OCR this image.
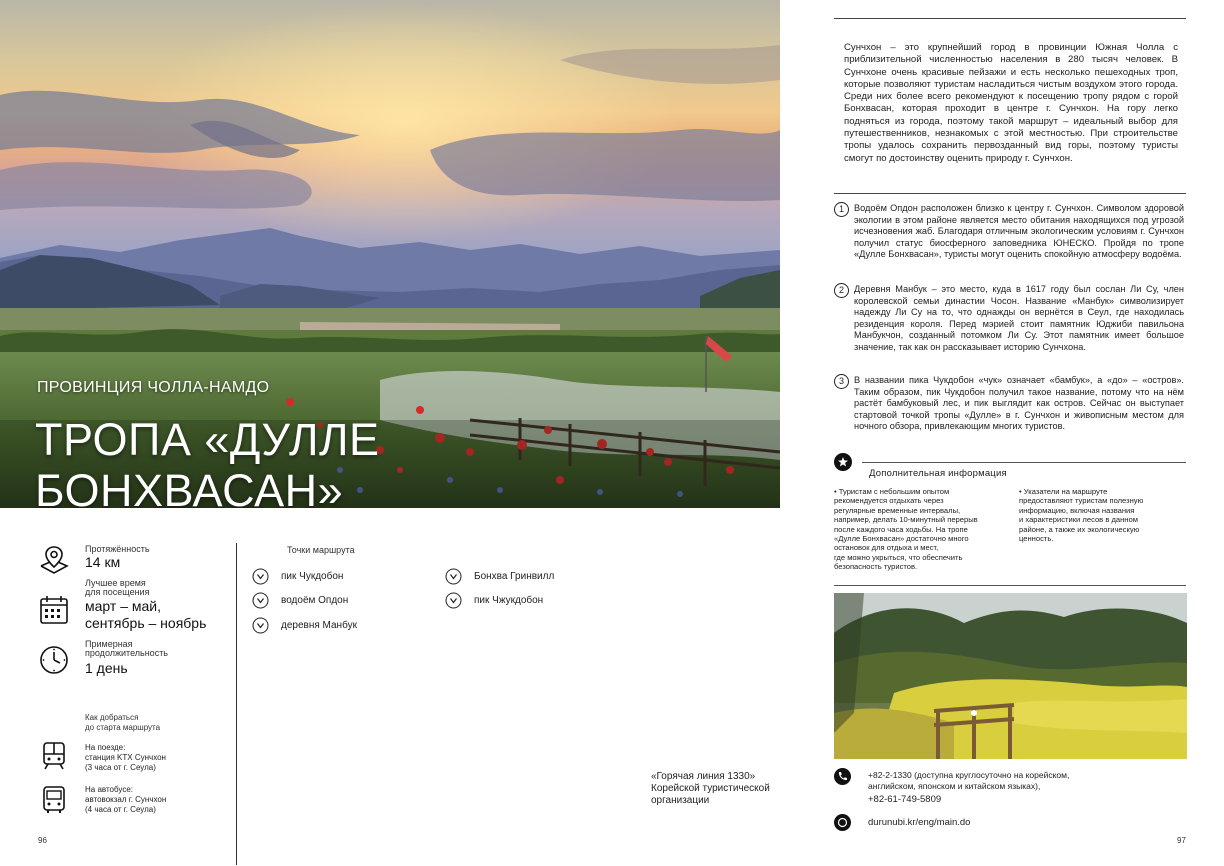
ПРОВИНЦИЯ ЧОЛЛА-НАМДО
ТРОПА «ДУЛЛЕ
БОНХВАСАН»
Протяжённость
14 км
Лучшее время
для посещения
март – май,
сентябрь – ноябрь
Примерная
продолжительность
1 день
Точки маршрута
пик Чукдобон
водоём Опдон
деревня Манбук
Бонхва Гринвилл
пик Чжукдобон
Как добраться
до старта маршрута
На поезде:
станция KTX Сунчхон
(3 часа от г. Сеула)
На автобусе:
автовокзал г. Сунчхон
(4 часа от г. Сеула)
«Горячая линия 1330»
Корейской туристической
организации
96
Сунчхон – это крупнейший город в провинции Южная Чолла с приблизительной численностью населения в 280 тысяч человек. В Сунчхоне очень красивые пейзажи и есть несколько пешеходных троп, которые позволяют туристам насладиться чистым воздухом этого города. Среди них более всего рекомендуют к посещению тропу рядом с горой Бонхвасан, которая проходит в центре г. Сунчхон. На гору легко подняться из города, поэтому такой маршрут – идеальный выбор для путешественников, незнакомых с этой местностью. При строительстве тропы удалось сохранить первозданный вид горы, поэтому туристы смогут по достоинству оценить природу г. Сунчхон.
1	Водоём Опдон расположен близко к центру г. Сунчхон. Символом здоровой экологии в этом районе является место обитания находящихся под угрозой исчезновения жаб. Благодаря отличным экологическим условиям г. Сунчхон получил статус биосферного заповедника ЮНЕСКО. Пройдя по тропе «Дулле Бонхвасан», туристы могут оценить спокойную атмосферу водоёма.
2	Деревня Манбук – это место, куда в 1617 году был сослан Ли Су, член королевской семьи династии Чосон. Название «Манбук» символизирует надежду Ли Су на то, что однажды он вернётся в Сеул, где находилась резиденция короля. Перед мэрией стоит памятник Юджиби павильона Манбукчон, созданный потомком Ли Су. Этот памятник имеет большое значение, так как он рассказывает историю Сунчхона.
3	В названии пика Чукдобон «чук» означает «бамбук», а «до» – «остров». Таким образом, пик Чукдобон получил такое название, потому что на нём растёт бамбуковый лес, и пик выглядит как остров. Сейчас он выступает стартовой точкой тропы «Дулле» в г. Сунчхон и живописным местом для ночного обзора, привлекающим многих туристов.
Дополнительная информация
• Туристам с небольшим опытом
рекомендуется отдыхать через
регулярные временные интервалы,
например, делать 10-минутный перерыв
после каждого часа ходьбы. На тропе
«Дулле Бонхвасан» достаточно много
остановок для отдыха и мест,
где можно укрыться, что обеспечить
безопасность туристов.
• Указатели на маршруте
предоставляют туристам полезную
информацию, включая названия
и характеристики лесов в данном
районе, а также их экологическую
ценность.
+82-2-1330 (доступна круглосуточно на корейском,
английском, японском и китайском языках),
+82-61-749-5809
durunubi.kr/eng/main.do
97
